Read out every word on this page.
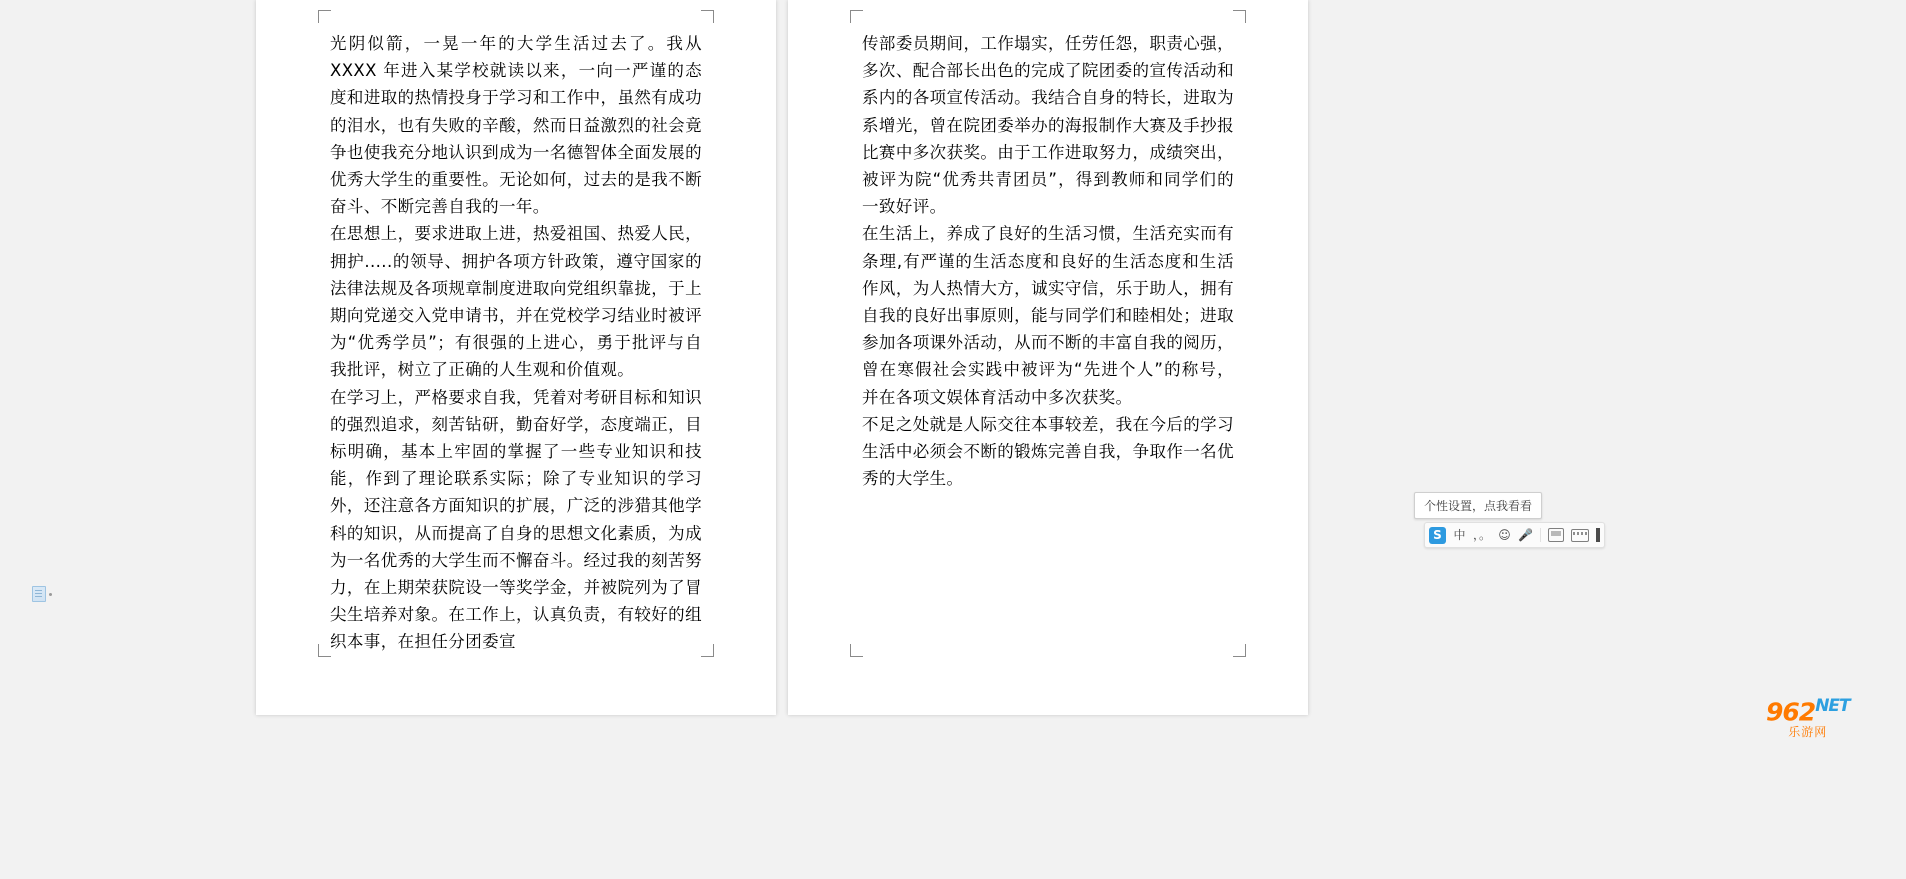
光阴似箭，一晃一年的大学生活过去了。我从 XXXX 年进入某学校就读以来，一向一严谨的态度和进取的热情投身于学习和工作中，虽然有成功的泪水，也有失败的辛酸，然而日益激烈的社会竟争也使我充分地认识到成为一名德智体全面发展的优秀大学生的重要性。无论如何，过去的是我不断奋斗、不断完善自我的一年。

在思想上，要求进取上进，热爱祖国、热爱人民，拥护.....的领导、拥护各项方针政策，遵守国家的法律法规及各项规章制度进取向党组织靠拢，于上期向党递交入党申请书，并在党校学习结业时被评为“优秀学员”；有很强的上进心，勇于批评与自我批评，树立了正确的人生观和价值观。

在学习上，严格要求自我，凭着对考研目标和知识的强烈追求，刻苦钻研，勤奋好学，态度端正，目标明确，基本上牢固的掌握了一些专业知识和技能，作到了理论联系实际；除了专业知识的学习外，还注意各方面知识的扩展，广泛的涉猎其他学科的知识，从而提高了自身的思想文化素质，为成为一名优秀的大学生而不懈奋斗。经过我的刻苦努力，在上期荣获院设一等奖学金，并被院列为了冒尖生培养对象。在工作上，认真负责，有较好的组织本事，在担任分团委宣

传部委员期间，工作塌实，任劳任怨，职责心强，多次、配合部长出色的完成了院团委的宣传活动和系内的各项宣传活动。我结合自身的特长，进取为系增光，曾在院团委举办的海报制作大赛及手抄报比赛中多次获奖。由于工作进取努力，成绩突出，被评为院“优秀共青团员”，得到教师和同学们的一致好评。

在生活上，养成了良好的生活习惯，生活充实而有条理,有严谨的生活态度和良好的生活态度和生活作风，为人热情大方，诚实守信，乐于助人，拥有自我的良好出事原则，能与同学们和睦相处；进取参加各项课外活动，从而不断的丰富自我的阅历，曾在寒假社会实践中被评为“先进个人”的称号，并在各项文娱体育活动中多次获奖。

不足之处就是人际交往本事较差，我在今后的学习生活中必须会不断的锻炼完善自我，争取作一名优秀的大学生。

个性设置，点我看看
S 中 ，。 ☺ 🎤
$962^{NET}$
乐游网
